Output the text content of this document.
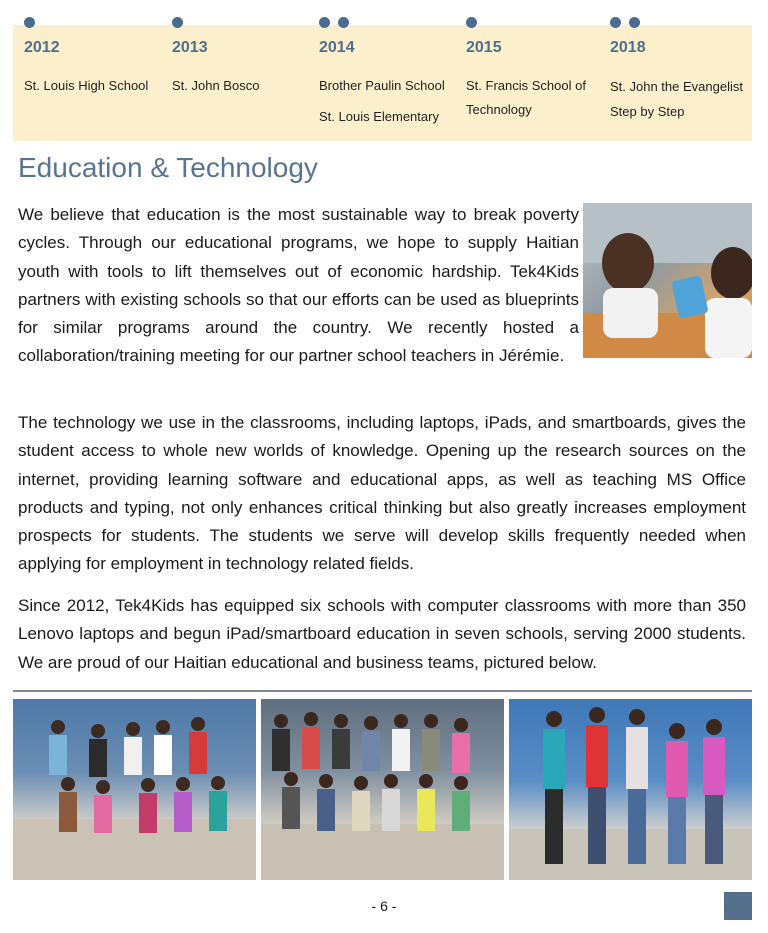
2012
St. Louis High School
2013
St. John Bosco
2014
Brother Paulin School
St. Louis Elementary
2015
St. Francis School of
Technology
2018
St. John the Evangelist
Step by Step
Education & Technology

We believe that education is the most sustainable way to break poverty cycles. Through our educational programs, we hope to supply Haitian youth with tools to lift themselves out of economic hardship. Tek4Kids partners with existing schools so that our efforts can be used as blueprints for similar programs around the country. We recently hosted a collaboration/training meeting for our partner school teachers in Jérémie.

The technology we use in the classrooms, including laptops, iPads, and smartboards, gives the student access to whole new worlds of knowledge. Opening up the research sources on the internet, providing learning software and educational apps, as well as teaching MS Office products and typing, not only enhances critical thinking but also greatly increases employment prospects for students. The students we serve will develop skills frequently needed when applying for employment in technology related fields.

Since 2012, Tek4Kids has equipped six schools with computer classrooms with more than 350 Lenovo laptops and begun iPad/smartboard education in seven schools, serving 2000 students. We are proud of our Haitian educational and business teams, pictured below.

- 6 -
